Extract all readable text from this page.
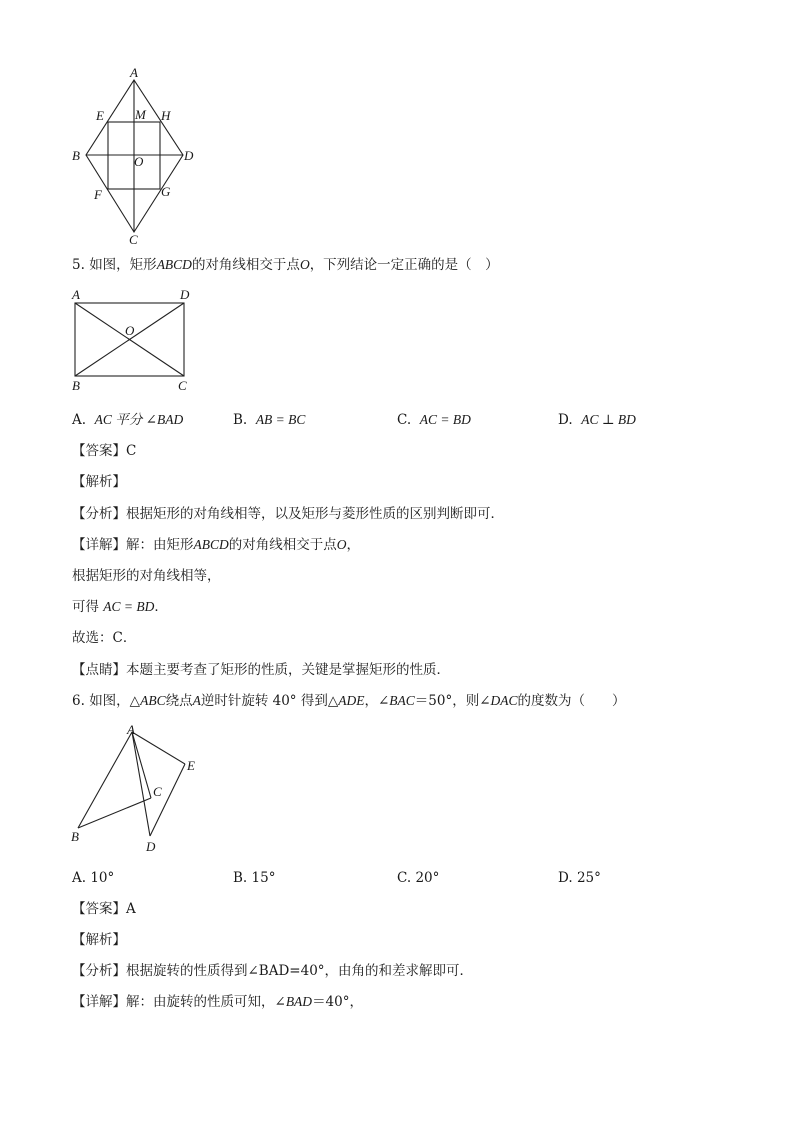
A
E M H
B	O	D
F	G
C
5. 如图，矩形ABCD的对角线相交于点O，下列结论一定正确的是（　）
A	D
O
B	C
A. AC 平分 ∠BAD	B. AB = BC	C. AC = BD	D. AC ⊥ BD
【答案】C
【解析】
【分析】根据矩形的对角线相等，以及矩形与菱形性质的区别判断即可．
【详解】解：由矩形ABCD的对角线相交于点O，
根据矩形的对角线相等，
可得 AC = BD．
故选：C．
【点睛】本题主要考查了矩形的性质，关键是掌握矩形的性质．
6. 如图，△ABC绕点A逆时针旋转 40° 得到△ADE，∠BAC＝50°，则∠DAC的度数为（　　）
A
E
C
B
D
A. 10°	B. 15°	C. 20°	D. 25°
【答案】A
【解析】
【分析】根据旋转的性质得到∠BAD=40°，由角的和差求解即可．
【详解】解：由旋转的性质可知，∠BAD＝40°，
